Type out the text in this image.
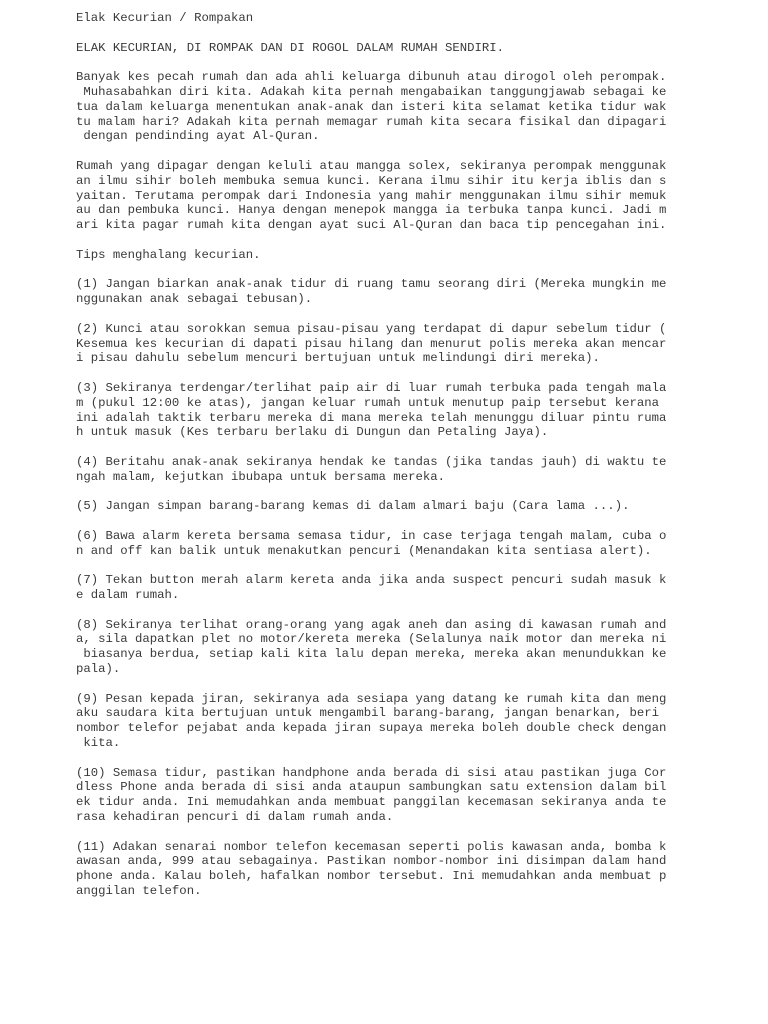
Elak Kecurian / Rompakan
ELAK KECURIAN, DI ROMPAK DAN DI ROGOL DALAM RUMAH SENDIRI.
Banyak kes pecah rumah dan ada ahli keluarga dibunuh atau dirogol oleh perompak.
Muhasabahkan diri kita. Adakah kita pernah mengabaikan tanggungjawab sebagai ke
tua dalam keluarga menentukan anak-anak dan isteri kita selamat ketika tidur wak
tu malam hari? Adakah kita pernah memagar rumah kita secara fisikal dan dipagari
dengan pendinding ayat Al-Quran.
Rumah yang dipagar dengan keluli atau mangga solex, sekiranya perompak menggunak
an ilmu sihir boleh membuka semua kunci. Kerana ilmu sihir itu kerja iblis dan s
yaitan. Terutama perompak dari Indonesia yang mahir menggunakan ilmu sihir memuk
au dan pembuka kunci. Hanya dengan menepok mangga ia terbuka tanpa kunci. Jadi m
ari kita pagar rumah kita dengan ayat suci Al-Quran dan baca tip pencegahan ini.
Tips menghalang kecurian.
(1) Jangan biarkan anak-anak tidur di ruang tamu seorang diri (Mereka mungkin me
nggunakan anak sebagai tebusan).
(2) Kunci atau sorokkan semua pisau-pisau yang terdapat di dapur sebelum tidur (
Kesemua kes kecurian di dapati pisau hilang dan menurut polis mereka akan mencar
i pisau dahulu sebelum mencuri bertujuan untuk melindungi diri mereka).
(3) Sekiranya terdengar/terlihat paip air di luar rumah terbuka pada tengah mala
m (pukul 12:00 ke atas), jangan keluar rumah untuk menutup paip tersebut kerana
ini adalah taktik terbaru mereka di mana mereka telah menunggu diluar pintu ruma
h untuk masuk (Kes terbaru berlaku di Dungun dan Petaling Jaya).
(4) Beritahu anak-anak sekiranya hendak ke tandas (jika tandas jauh) di waktu te
ngah malam, kejutkan ibubapa untuk bersama mereka.
(5) Jangan simpan barang-barang kemas di dalam almari baju (Cara lama ...).
(6) Bawa alarm kereta bersama semasa tidur, in case terjaga tengah malam, cuba o
n and off kan balik untuk menakutkan pencuri (Menandakan kita sentiasa alert).
(7) Tekan button merah alarm kereta anda jika anda suspect pencuri sudah masuk k
e dalam rumah.
(8) Sekiranya terlihat orang-orang yang agak aneh dan asing di kawasan rumah and
a, sila dapatkan plet no motor/kereta mereka (Selalunya naik motor dan mereka ni
biasanya berdua, setiap kali kita lalu depan mereka, mereka akan menundukkan ke
pala).
(9) Pesan kepada jiran, sekiranya ada sesiapa yang datang ke rumah kita dan meng
aku saudara kita bertujuan untuk mengambil barang-barang, jangan benarkan, beri
nombor telefor pejabat anda kepada jiran supaya mereka boleh double check dengan
kita.
(10) Semasa tidur, pastikan handphone anda berada di sisi atau pastikan juga Cor
dless Phone anda berada di sisi anda ataupun sambungkan satu extension dalam bil
ek tidur anda. Ini memudahkan anda membuat panggilan kecemasan sekiranya anda te
rasa kehadiran pencuri di dalam rumah anda.
(11) Adakan senarai nombor telefon kecemasan seperti polis kawasan anda, bomba k
awasan anda, 999 atau sebagainya. Pastikan nombor-nombor ini disimpan dalam hand
phone anda. Kalau boleh, hafalkan nombor tersebut. Ini memudahkan anda membuat p
anggilan telefon.
